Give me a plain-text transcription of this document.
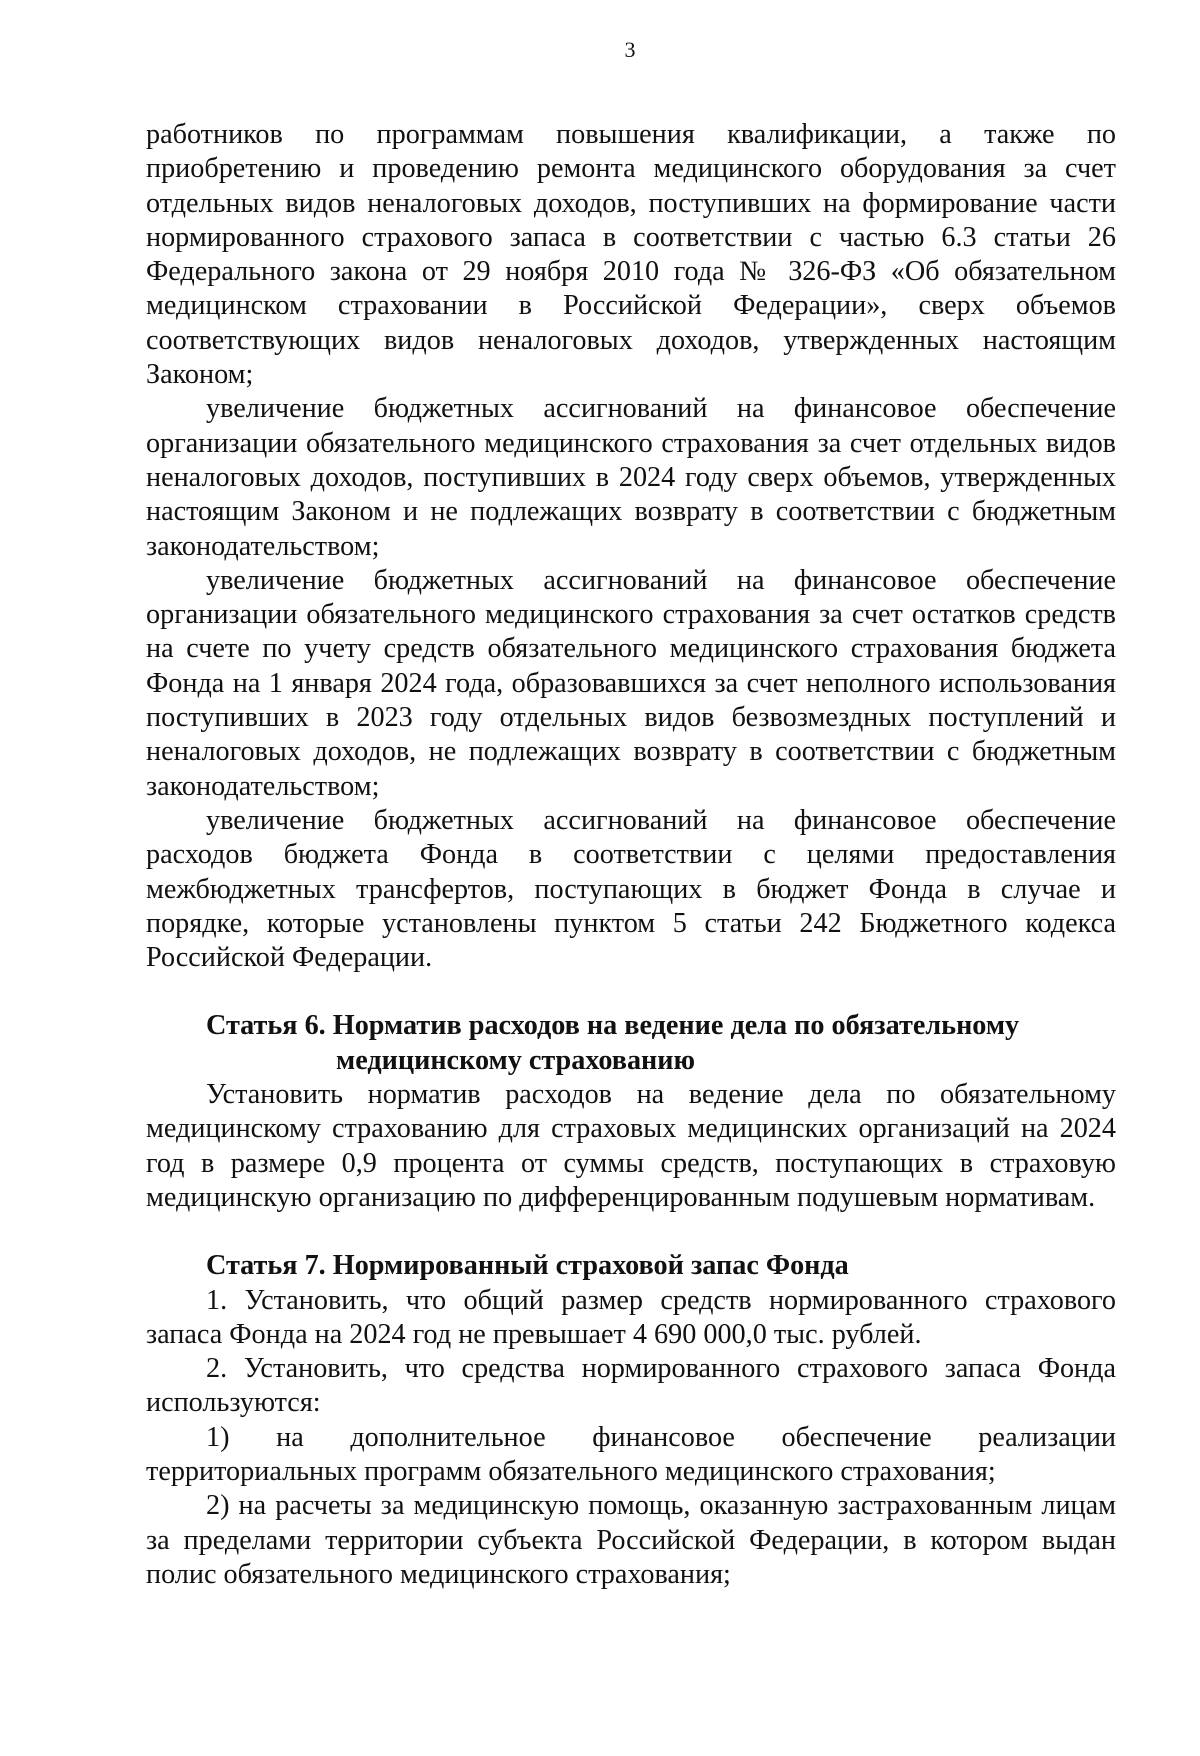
3

работников по программам повышения квалификации, а также по приобретению и проведению ремонта медицинского оборудования за счет отдельных видов неналоговых доходов, поступивших на формирование части нормированного страхового запаса в соответствии с частью 6.3 статьи 26 Федерального закона от 29 ноября 2010 года № 326-ФЗ «Об обязательном медицинском страховании в Российской Федерации», сверх объемов соответствующих видов неналоговых доходов, утвержденных настоящим Законом;

увеличение бюджетных ассигнований на финансовое обеспечение организации обязательного медицинского страхования за счет отдельных видов неналоговых доходов, поступивших в 2024 году сверх объемов, утвержденных настоящим Законом и не подлежащих возврату в соответствии с бюджетным законодательством;

увеличение бюджетных ассигнований на финансовое обеспечение организации обязательного медицинского страхования за счет остатков средств на счете по учету средств обязательного медицинского страхования бюджета Фонда на 1 января 2024 года, образовавшихся за счет неполного использования поступивших в 2023 году отдельных видов безвозмездных поступлений и неналоговых доходов, не подлежащих возврату в соответствии с бюджетным законодательством;

увеличение бюджетных ассигнований на финансовое обеспечение расходов бюджета Фонда в соответствии с целями предоставления межбюджетных трансфертов, поступающих в бюджет Фонда в случае и порядке, которые установлены пунктом 5 статьи 242 Бюджетного кодекса Российской Федерации.

Статья 6. Норматив расходов на ведение дела по обязательному

медицинскому страхованию

Установить норматив расходов на ведение дела по обязательному медицинскому страхованию для страховых медицинских организаций на 2024 год в размере 0,9 процента от суммы средств, поступающих в страховую медицинскую организацию по дифференцированным подушевым нормативам.

Статья 7. Нормированный страховой запас Фонда

1. Установить, что общий размер средств нормированного страхового запаса Фонда на 2024 год не превышает 4 690 000,0 тыс. рублей.

2. Установить, что средства нормированного страхового запаса Фонда используются:

1) на дополнительное финансовое обеспечение реализации территориальных программ обязательного медицинского страхования;

2) на расчеты за медицинскую помощь, оказанную застрахованным лицам за пределами территории субъекта Российской Федерации, в котором выдан полис обязательного медицинского страхования;
